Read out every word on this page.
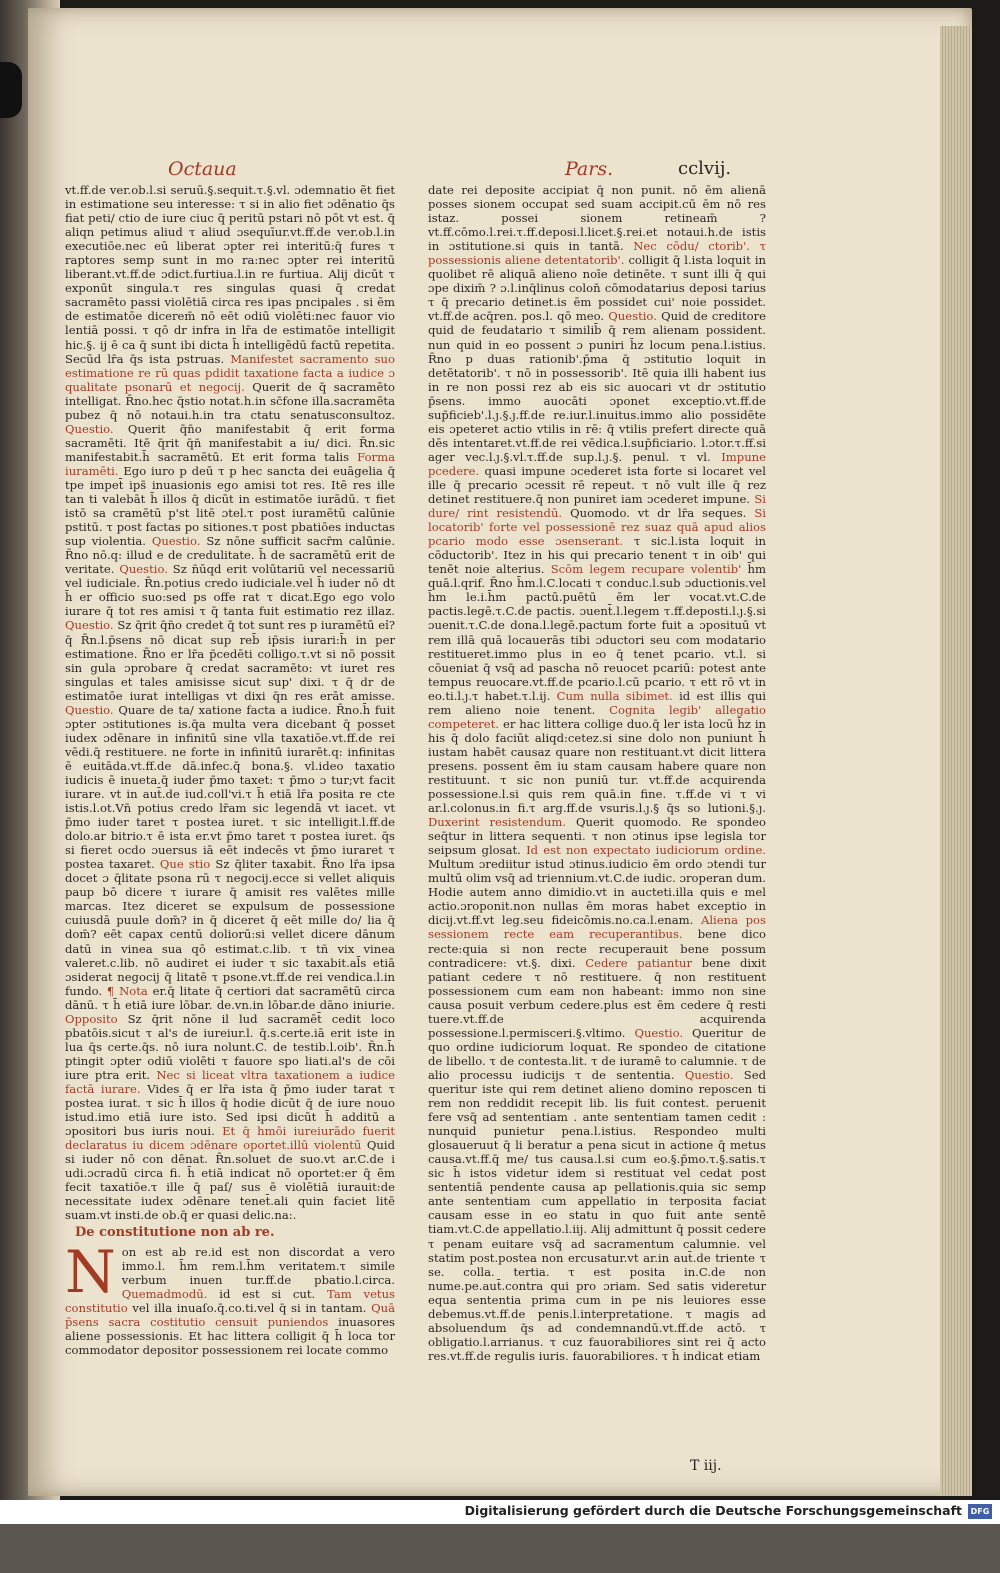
Octaua	Pars.	cclvij.

vt.ff.de ver.ob.l.si seruū.§.sequit.τ.§.vl. ɔdemnatio ẽt fiet in estimatione seu interesse: τ si in alio fiet ɔdēnatio q̄s fiat peti/ ctio de iure ciuc q̄ peritū pstari nō pōt vt est. q̄ aliqn petimus aliud τ aliud ɔsequīur.vt.ff.de ver.ob.l.in executiōe.nec eū liberat ɔpter rei interitū:q̄ fures τ raptores semp sunt in mo ra:nec ɔpter rei interitū liberant.vt.ff.de ɔdict.furtiua.l.in re furtiua. Alij dicūt τ exponūt singula.τ res singulas quasi q̄ credat sacramēto passi violētiā circa res ipas pncipales . si ēm de estimatōe dicerem̄ nō eēt odiū violēti:nec fauor vio lentiā possi. τ qō dr infra in lr̄a de estimatōe intelligit hic.§. ij ē ca q̄ sunt ibi dicta h̄ intelligēdū factū repetita. Secūd lr̄a q̄s ista pstruas. Manifestet sacramento suo estimatione re rū quas pdidit taxatione facta a iudice ɔ qualitate psonarū et negocij. Querit de q̄ sacramēto intelligat. R̄no.hec q̄stio notat.h.in sc̄fone illa.sacramēta pubez q̄ nō notaui.h.in tra ctatu senatusconsultoz. Questio. Querit q̄n̄o manifestabit q̄ erit forma sacramēti. Itē q̄rit q̄n̄ manifestabit a iu/ dici. R̄n.sic manifestabit.h̄ sacramētū. Et erit forma talis Forma iuramēti. Ego iuro p deū τ p hec sancta dei euāgelia q̄ tpe impet̄ ips̄ inuasionis ego amisi tot res. Itē res ille tan ti valebāt h̄ illos q̄ dicūt in estimatōe iurādū. τ fiet istō sa cramētū p'st litē ɔtel.τ post iuramētū calūnie pstitū. τ post factas po sitiones.τ post pbatiōes inductas sup violentia. Questio. Sz nōne sufficit sacr̄m calūnie. R̄no nō.q: illud e de credulitate. h̄ de sacramētū erit de veritate. Questio. Sz n̄ūqd erit volūtariū vel necessariū vel iudiciale. R̄n.potius credo iudiciale.vel h̄ iuder nō dt h̄ er officio suo:sed ps offe rat τ dicat.Ego ego volo iurare q̄ tot res amisi τ q̄ tanta fuit estimatio rez illaz. Questio. Sz q̄rit q̄n̄o credet q̄ tot sunt res p iuramētū ei̓? q̄ R̄n.l.p̄sens nō dicat sup reb̄ ip̄sis iurari:h̄ in per estimatione. R̄no er lr̄a p̄cedēti colligo.τ.vt si nō possit sin gula ɔprobare q̄ credat sacramēto: vt iuret res singulas et tales amisisse sicut sup' dixi. τ q̄ dr de estimatōe iurat intelligas vt dixi q̄n res erāt amisse. Questio. Quare de ta/ xatione facta a iudice. R̄no.h̄ fuit ɔpter ɔstitutiones is.q̄a multa vera dicebant q̄ posset iudex ɔdēnare in infinitū sine vlla taxatiōe.vt.ff.de rei vēdi.q̄ restituere. ne forte in infinitū iurarēt.q: infinitas ē euitāda.vt.ff.de dā.infec.q̄ bona.§. vl.ideo taxatio iudicis ē inueta.q̄ iuder p̄mo taxet: τ p̄mo ɔ tur;vt facit iurare. vt in aut̄.de iud.coll'vi.τ h̄ etiā lr̄a posita re cte istis.l.ot.Vn̄ potius credo lr̄am sic legendā vt iacet. vt p̄mo iuder taret τ postea iuret. τ sic intelligit.l.ff.de dolo.ar bitrio.τ ē ista er.vt p̄mo taret τ postea iuret. q̄s si fieret ocdo ɔuersus iā eēt indecēs vt p̄mo iuraret τ postea taxaret. Que stio Sz q̄liter taxabit. R̄no lr̄a ipsa docet ɔ q̄litate psona rū τ negocij.ecce si vellet aliquis paup bō dicere τ iurare q̄ amisit res valētes mille marcas. Itez diceret se expulsum de possessione cuiusdā puule dom̄? in q̄ diceret q̄ eēt mille do/ lia q̄ dom̄? eēt capax centū doliorū:si vellet dicere dānum datū in vinea sua qō estimat.c.lib. τ tñ vix vinea valeret.c.lib. nō audiret ei iuder τ sic taxabit.al̄s etiā ɔsiderat negocij q̄ litatē τ psone.vt.ff.de rei vendica.l.in fundo. ¶ Nota er.q̄ litate q̄ certiori dat sacramētū circa dānū. τ h̄ etiā iure lōbar. de.vn.in lōbar.de dāno iniurie. Opposito Sz q̄rit nōne il lud sacramēt̄ cedit loco pbatōis.sicut τ al's de iureiur.l. q̄.s.certe.iā erit iste in lua q̄s certe.q̄s. nō iura nolunt.C. de testib.l.oib'. R̄n.h̄ ptingit ɔpter odiū violēti τ fauore spo liati.al's de cōi iure ptra erit. Nec si liceat vltra taxationem a iudice factā iurare. Vides q̄ er lr̄a ista q̄ p̄mo iuder tarat τ postea iurat. τ sic h̄ illos q̄ hodie dicūt q̄ de iure nouo istud.imo etiā iure isto. Sed ipsi dicūt h̄ additū a ɔpositori bus iuris noui. Et q̄ hmōi iureiurādo fuerit declaratus iu dicem ɔdēnare oportet.illū violentū Quid si iuder nō con dēnat. R̄n.soluet de suo.vt ar.C.de i udi.ɔcradū circa fi. h̄ etiā indicat nō oportet:er q̄ ēm fecit taxatiōe.τ ille q̄ paſ/ sus ē violētiā iurauit:de necessitate iudex ɔdēnare tenet̄.ali quin faciet litē suam.vt insti.de ob.q̄ er quasi delic.na:.

De constitutione non ab re.

Non est ab re.id est non discordat a vero immo.l. h̄m rem.l.h̄m veritatem.τ simile verbum inuen tur.ff.de pbatio.l.circa. Quemadmodū. id est si cut. Tam vetus constitutio vel illa inuaſo.q̄.co.ti.vel q̄ si in tantam. Quā p̄sens sacra costitutio censuit puniendos inuasores aliene possessionis. Et hac littera colligit q̄ h̄ loca tor commodator depositor possessionem rei locate commo

date rei deposite accipiat q̄ non punit. nō ēm alienā posses sionem occupat sed suam accipit.cū ēm nō res istaz. possei sionem retineam̄ ? vt.ff.cōmo.l.rei.τ.ff.deposi.l.licet.§.rei.et notaui.h.de istis in ɔstitutione.si quis in tantā. Nec cōdu/ ctorib'. τ possessionis aliene detentatorib'. colligit q̄ l.ista loquit in quolibet rē aliquā alieno noīe detinēte. τ sunt illi q̄ qui ɔpe dixim̄ ? ɔ.l.inq̄linus colon̄ cōmodatarius deposi tarius τ q̄ precario detinet.is ēm possidet cui' noie possidet. vt.ff.de acq̄ren. pos.l. qō meo. Questio. Quid de creditore quid de feudatario τ similib̄ q̄ rem alienam possident. nun quid in eo possent ɔ puniri h̄z locum pena.l.istius. R̄no p duas rationib'.p̄ma q̄ ɔstitutio loquit in detētatorib'. τ nō in possessorib'. Itē quia illi habent ius in re non possi rez ab eis sic auocari vt dr ɔstitutio p̄sens. immo auocāti ɔponet exceptio.vt.ff.de sup̄ficieb'.l.ȷ.§.ȷ.ff.de re.iur.l.inuitus.immo alio possidēte eis ɔpeteret actio vtilis in rē: q̄ vtilis prefert directe quā dēs intentaret.vt.ff.de rei vēdica.l.sup̄ficiario. l.ɔtor.τ.ff.si ager vec.l.ȷ.§.vl.τ.ff.de sup.l.ȷ.§. penul. τ vl. Impune pcedere. quasi impune ɔcederet ista forte si locaret vel ille q̄ precario ɔcessit rē repeut. τ nō vult ille q̄ rez detinet restituere.q̄ non puniret iam ɔcederet impune. Si dure/ rint resistendū. Quomodo. vt dr lr̄a seques. Si locatorib' forte vel possessionē rez suaz quā apud alios pcario modo esse ɔsenserant. τ sic.l.ista loquit in cōductorib'. Itez in his qui precario tenent τ in oib' qui tenēt noie alterius. Scōm legem recupare volentib' h̄m quā.l.qrif. R̄no h̄m.l.C.locati τ conduc.l.sub ɔductionis.vel h̄m le.i.h̄m pactū.puētū ēm ler vocat.vt.C.de pactis.legē.τ.C.de pactis. ɔuent̄.l.legem τ.ff.deposti.l.ȷ.§.si ɔuenit.τ.C.de dona.l.legē.pactum forte fuit a ɔposituū vt rem illā quā locauerās tibi ɔductori seu com modatario restitueret.immo plus in eo q̄ tenet pcario. vt.l. si cōueniat q̄ vsq̄ ad pascha nō reuocet pcariū: potest ante tempus reuocare.vt.ff.de pcario.l.cū pcario. τ ett rō vt in eo.ti.l.ȷ.τ habet.τ.l.ij. Cum nulla sibimet. id est illis qui rem alieno noie tenent. Cognita legib' allegatio competeret. er hac littera collige duo.q̄ ler ista locū h̄z in his q̄ dolo faciūt aliqd:cetez.si sine dolo non puniunt h̄ iustam habēt causaz quare non restituant.vt dicit littera presens. possent ēm iu stam causam habere quare non restituunt. τ sic non puniū tur. vt.ff.de acquirenda possessione.l.si quis rem quā.in fine. τ.ff.de vi τ vi ar.l.colonus.in fi.τ arg.ff.de vsuris.l.ȷ.§ q̄s so lutioni.§.ȷ. Duxerint resistendum. Querit quomodo. Re spondeo seq̄tur in littera sequenti. τ non ɔtinus ipse legisla tor seipsum glosat. Id est non expectato iudiciorum ordine. Multum ɔrediitur istud ɔtinus.iudicio ēm ordo ɔtendi tur multū olim vsq̄ ad triennium.vt.C.de iudic. ɔroperan dum. Hodie autem anno dimidio.vt in aucteti.illa quis e mel actio.ɔroponit.non nullas ēm moras habet exceptio in dicij.vt.ff.vt leg.seu fideicōmis.no.ca.l.enam. Aliena pos sessionem recte eam recuperantibus. bene dico recte:quia si non recte recuperauit bene possum contradicere: vt.§. dixi. Cedere patiantur bene dixit patiant cedere τ nō restituere. q̄ non restituent possessionem cum eam non habeant: immo non sine causa posuit verbum cedere.plus est ēm cedere q̄ resti tuere.vt.ff.de acquirenda possessione.l.permisceri.§.vltimo. Questio. Queritur de quo ordine iudiciorum loquat. Re spondeo de citatione de libello. τ de contesta.lit. τ de iuramē to calumnie. τ de alio processu iudicijs τ de sententia. Questio. Sed queritur iste qui rem detinet alieno domino reposcen ti rem non reddidit recepit lib. lis fuit contest. peruenit fere vsq̄ ad sententiam . ante sententiam tamen cedit : nunquid punietur pena.l.istius. Respondeo multi glosaueruut q̄ li beratur a pena sicut in actione q̄ metus causa.vt.ff.q̄ me/ tus causa.l.si cum eo.§.p̄mo.τ.§.satis.τ sic h̄ istos videtur idem si restituat vel cedat post sententiā pendente causa ap pellationis.quia sic semp ante sententiam cum appellatio in terposita faciat causam esse in eo statu in quo fuit ante sentē tiam.vt.C.de appellatio.l.iij. Alij admittunt q̄ possit cedere τ penam euitare vsq̄ ad sacramentum calumnie. vel statim post.postea non ercusatur.vt ar.in aut̄.de triente τ se. colla. tertia. τ est posita in.C.de non nume.pe.aut̄.contra qui pro ɔriam. Sed satis videretur equa sententia prima cum in pe nis leuiores esse debemus.vt.ff.de penis.l.interpretatione. τ magis ad absoluendum q̄s ad condemnandū.vt.ff.de actō. τ obligatio.l.arrianus. τ cuz fauorabiliores sint rei q̄ acto res.vt.ff.de regulis iuris. fauorabiliores. τ h̄ indicat etiam

T iij.
Digitalisierung gefördert durch die Deutsche Forschungsgemeinschaft	DFG
